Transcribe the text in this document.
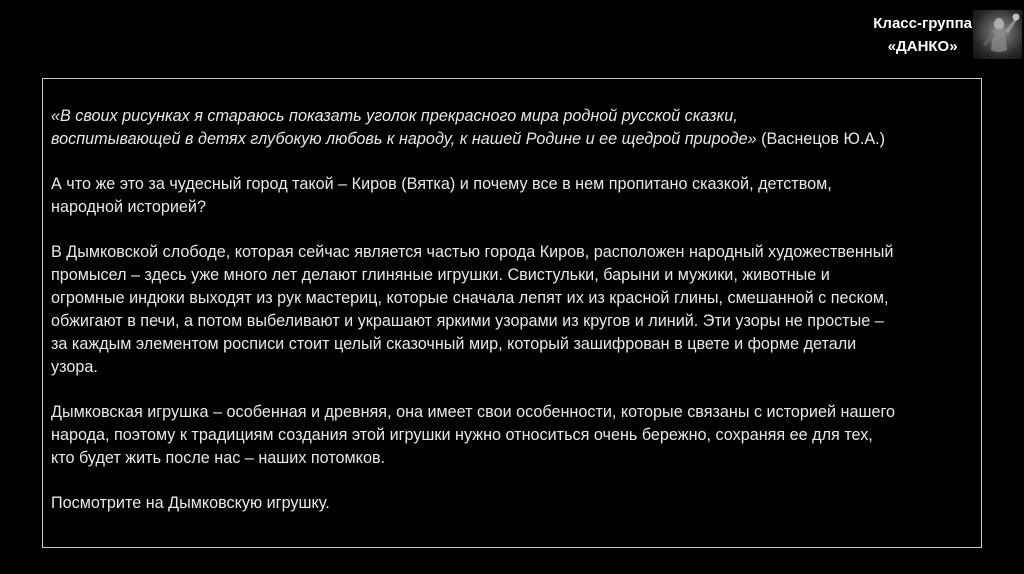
Класс-группа
«ДАНКО»

«В своих рисунках я стараюсь показать уголок прекрасного мира родной русской сказки,
воспитывающей в детях глубокую любовь к народу, к нашей Родине и ее щедрой природе» (Васнецов Ю.А.)

А что же это за чудесный город такой – Киров (Вятка) и почему все в нем пропитано сказкой, детством,
народной историей?

В Дымковской слободе, которая сейчас является частью города Киров, расположен народный художественный
промысел – здесь уже много лет делают глиняные игрушки. Свистульки, барыни и мужики, животные и
огромные индюки выходят из рук мастериц, которые сначала лепят их из красной глины, смешанной с песком,
обжигают в печи, а потом выбеливают и украшают яркими узорами из кругов и линий. Эти узоры не простые –
за каждым элементом росписи стоит целый сказочный мир, который зашифрован в цвете и форме детали
узора.

Дымковская игрушка – особенная и древняя, она имеет свои особенности, которые связаны с историей нашего
народа, поэтому к традициям создания этой игрушки нужно относиться очень бережно, сохраняя ее для тех,
кто будет жить после нас – наших потомков.

Посмотрите на Дымковскую игрушку.
